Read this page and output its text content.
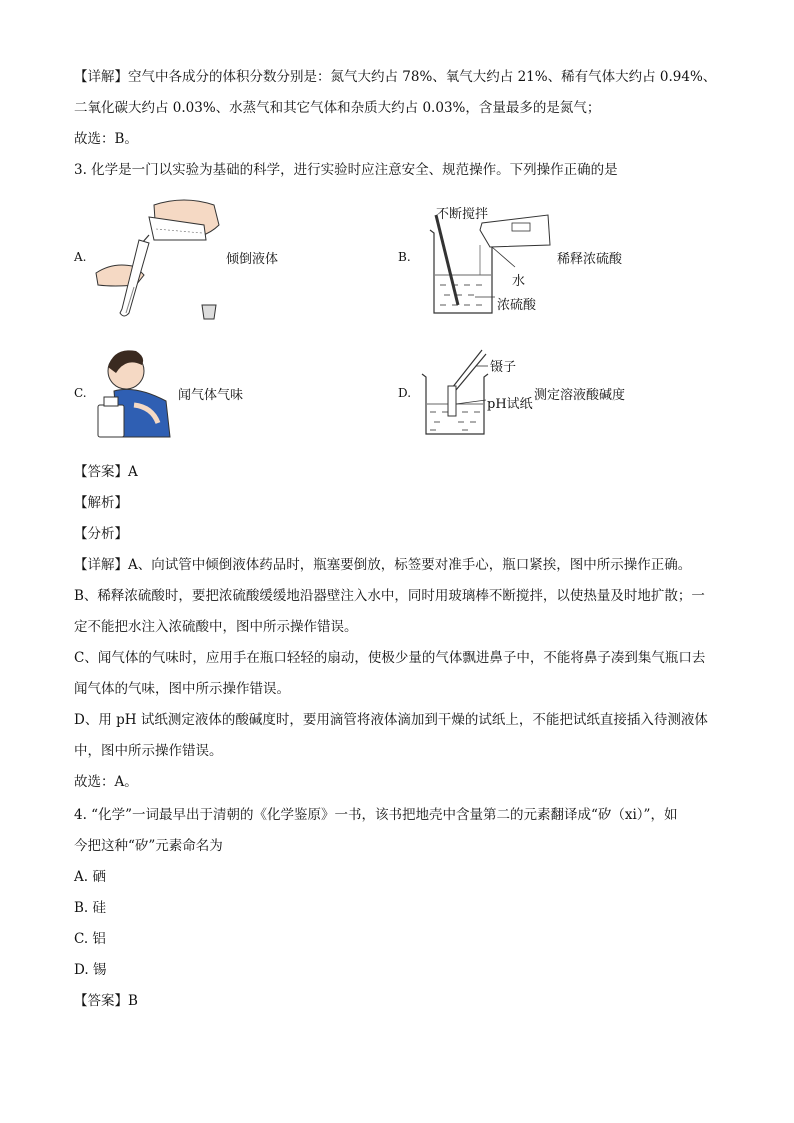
【详解】空气中各成分的体积分数分别是：氮气大约占 78%、氧气大约占 21%、稀有气体大约占 0.94%、
二氧化碳大约占 0.03%、水蒸气和其它气体和杂质大约占 0.03%，含量最多的是氮气；
故选：B。
3. 化学是一门以实验为基础的科学，进行实验时应注意安全、规范操作。下列操作正确的是
A.	倾倒液体	B.
不断搅拌
稀释浓硫酸
水
浓硫酸
C.	闻气体气味	D.
镊子
pH试纸
测定溶液酸碱度
【答案】A
【解析】
【分析】
【详解】A、向试管中倾倒液体药品时，瓶塞要倒放，标签要对准手心，瓶口紧挨，图中所示操作正确。
B、稀释浓硫酸时，要把浓硫酸缓缓地沿器壁注入水中，同时用玻璃棒不断搅拌，以使热量及时地扩散；一
定不能把水注入浓硫酸中，图中所示操作错误。
C、闻气体的气味时，应用手在瓶口轻轻的扇动，使极少量的气体飘进鼻子中，不能将鼻子凑到集气瓶口去
闻气体的气味，图中所示操作错误。
D、用 pH 试纸测定液体的酸碱度时，要用滴管将液体滴加到干燥的试纸上，不能把试纸直接插入待测液体
中，图中所示操作错误。
故选：A。
4. “化学”一词最早出于清朝的《化学鉴原》一书，该书把地壳中含量第二的元素翻译成“矽（xi）”，如
今把这种“矽”元素命名为
A. 硒
B. 硅
C. 铝
D. 锡
【答案】B
